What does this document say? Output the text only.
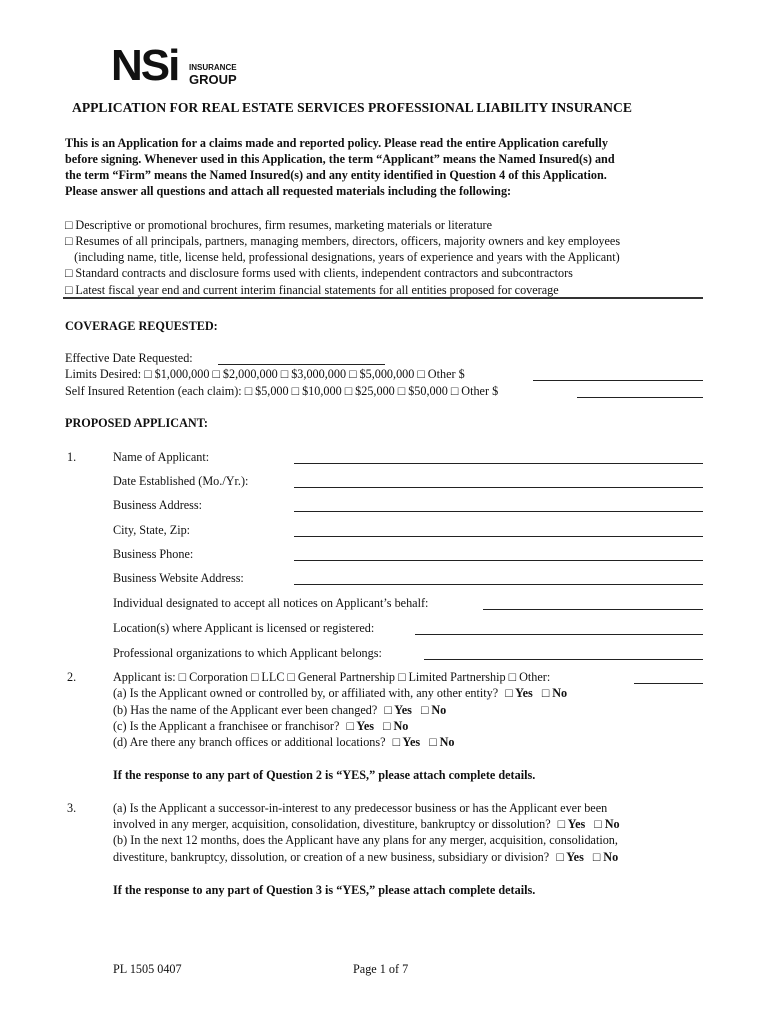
NSi INSURANCE
GROUP
APPLICATION FOR REAL ESTATE SERVICES PROFESSIONAL LIABILITY INSURANCE
This is an Application for a claims made and reported policy. Please read the entire Application carefully
before signing. Whenever used in this Application, the term “Applicant” means the Named Insured(s) and
the term “Firm” means the Named Insured(s) and any entity identified in Question 4 of this Application.
Please answer all questions and attach all requested materials including the following:
□ Descriptive or promotional brochures, firm resumes, marketing materials or literature
□ Resumes of all principals, partners, managing members, directors, officers, majority owners and key employees
(including name, title, license held, professional designations, years of experience and years with the Applicant)
□ Standard contracts and disclosure forms used with clients, independent contractors and subcontractors
□ Latest fiscal year end and current interim financial statements for all entities proposed for coverage
COVERAGE REQUESTED:
Effective Date Requested:
Limits Desired: □ $1,000,000 □ $2,000,000 □ $3,000,000 □ $5,000,000 □ Other $
Self Insured Retention (each claim): □ $5,000 □ $10,000 □ $25,000 □ $50,000 □ Other $
PROPOSED APPLICANT:
1.	Name of Applicant:
Date Established (Mo./Yr.):
Business Address:
City, State, Zip:
Business Phone:
Business Website Address:
Individual designated to accept all notices on Applicant’s behalf:
Location(s) where Applicant is licensed or registered:
Professional organizations to which Applicant belongs:
2.	Applicant is: □ Corporation □ LLC □ General Partnership □ Limited Partnership □ Other:
(a) Is the Applicant owned or controlled by, or affiliated with, any other entity? □ Yes □ No
(b) Has the name of the Applicant ever been changed? □ Yes □ No
(c) Is the Applicant a franchisee or franchisor? □ Yes □ No
(d) Are there any branch offices or additional locations? □ Yes □ No
If the response to any part of Question 2 is “YES,” please attach complete details.
3.	(a) Is the Applicant a successor-in-interest to any predecessor business or has the Applicant ever been
involved in any merger, acquisition, consolidation, divestiture, bankruptcy or dissolution? □ Yes □ No
(b) In the next 12 months, does the Applicant have any plans for any merger, acquisition, consolidation,
divestiture, bankruptcy, dissolution, or creation of a new business, subsidiary or division? □ Yes □ No
If the response to any part of Question 3 is “YES,” please attach complete details.
PL 1505 0407	Page 1 of 7
